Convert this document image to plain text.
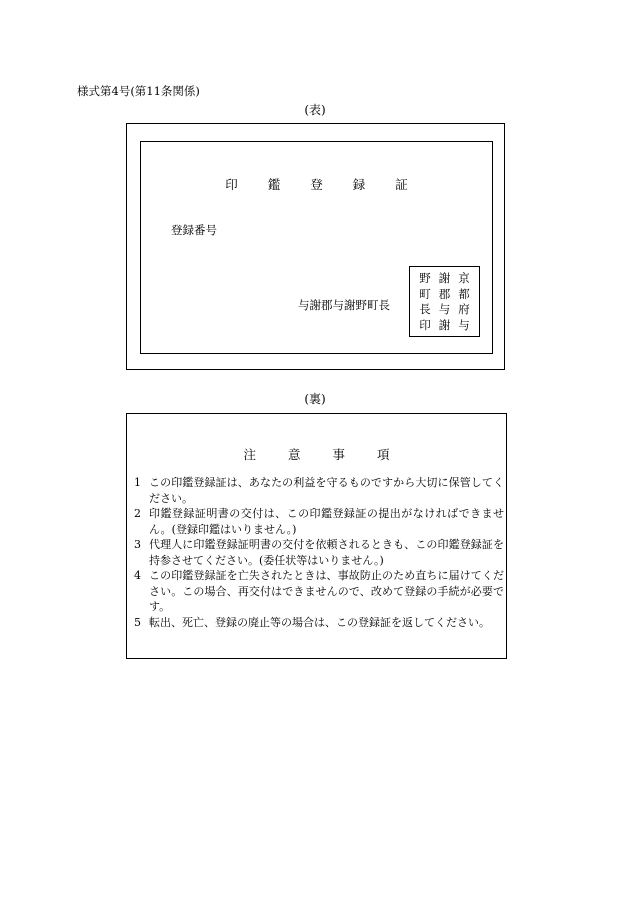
様式第4号(第11条関係)
(表)
印 鑑 登 録 証
登録番号
与謝郡与謝野町長
京
都
府
与
謝
郡
与
謝
野
町
長
印
(裏)
注	意	事	項
1 この印鑑登録証は、あなたの利益を守るものですから大切に保管してください。
2 印鑑登録証明書の交付は、この印鑑登録証の提出がなければできません。(登録印鑑はいりません。)
3 代理人に印鑑登録証明書の交付を依頼されるときも、この印鑑登録証を持参させてください。(委任状等はいりません。)
4 この印鑑登録証を亡失されたときは、事故防止のため直ちに届けてください。この場合、再交付はできませんので、改めて登録の手続が必要です。
5 転出、死亡、登録の廃止等の場合は、この登録証を返してください。
